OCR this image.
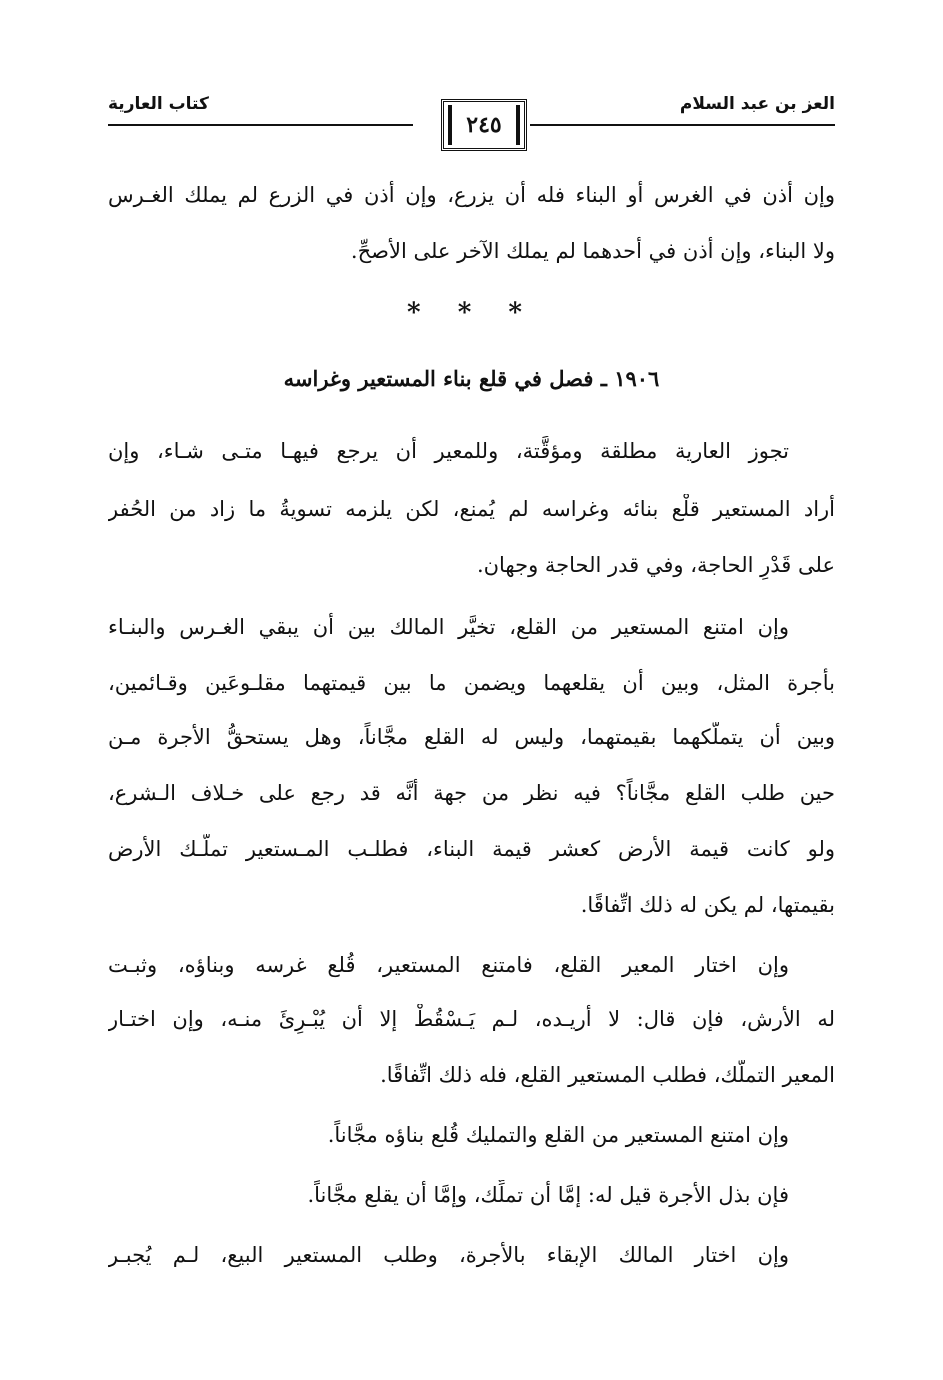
العز بن عبد السلام
كتاب العارية
٢٤٥
وإن أذن في الغرس أو البناء فله أن يزرع، وإن أذن في الزرع لم يملك الغـرس
ولا البناء، وإن أذن في أحدهما لم يملك الآخر على الأصحِّ.
* * *
١٩٠٦ ـ فصل في قلع بناء المستعير وغراسه
تجوز العارية مطلقة ومؤقَّتة، وللمعير أن يرجع فيهـا متـى شـاء، وإن
أراد المستعير قلْع بنائه وغراسه لم يُمنع، لكن يلزمه تسويةُ ما زاد من الحُفر
على قَدْرِ الحاجة، وفي قدر الحاجة وجهان.
وإن امتنع المستعير من القلع، تخيَّر المالك بين أن يبقي الغـرس والبنـاء
بأجرة المثل، وبين أن يقلعهما ويضمن ما بين قيمتهما مقلـوعَين وقـائمين،
وبين أن يتملَّكهما بقيمتهما، وليس له القلع مجَّاناً، وهل يستحقُّ الأجرة مـن
حين طلب القلع مجَّاناً؟ فيه نظر من جهة أنَّه قد رجع على خـلاف الـشرع،
ولو كانت قيمة الأرض كعشر قيمة البناء، فطلـب المـستعير تملُّـك الأرض
بقيمتها، لم يكن له ذلك اتِّفاقًا.
وإن اختار المعير القلع، فامتنع المستعير، قُلع غرسه وبناؤه، وثبـت
له الأرش، فإن قال: لا أريـده، لـم يَـسْقُطْ إلا أن يُبْـرِئَ منـه، وإن اختـار
المعير التملُّك، فطلب المستعير القلع، فله ذلك اتِّفاقًا.
وإن امتنع المستعير من القلع والتمليك قُلع بناؤه مجَّاناً.
فإن بذل الأجرة قيل له: إمَّا أن تملِّك، وإمَّا أن يقلع مجَّاناً.
وإن اختار المالك الإبقاء بالأجرة، وطلب المستعير البيع، لـم يُجبـر
